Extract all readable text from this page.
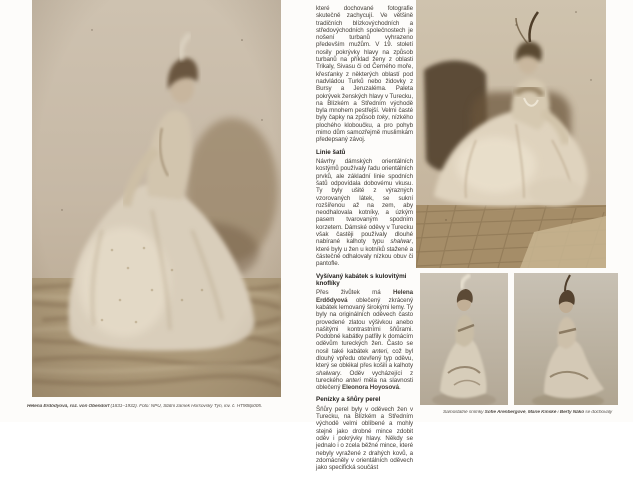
Helena Erdődyová, roz. von Obendorf (1831–1932). Foto: NPÚ, Státní zámek Horšovský Týn, inv. č. HT908p005.

které dochované fotografie skutečně zachycují. Ve většině tradičních blízkovýchodních a středovýchodních společnostech je nošení turbanů vyhrazeno především mužům. V 19. století nosily pokrývky hlavy na způsob turbanů na příklad ženy z oblasti Trikaly, Sivasu či od Černého moře, křesťanky z některých oblastí pod nadvládou Turků nebo židovky z Bursy a Jeruzaléma. Paleta pokrývek ženských hlavy v Turecku, na Blízkém a Středním východě byla mnohem pestřejší. Velmi časté byly čapky na způsob toky, nízkého plochého kloboučku, a pro pohyb mimo dům samozřejmě muslimkám předepsaný závoj.

Linie šatů

Návrhy dámských orientálních kostýmů používaly řadu orientálních prvků, ale základní linie spodních šatů odpovídala dobovému vkusu. Ty byly ušité z výrazných vzorovaných látek, se sukní rozšířenou až na zem, aby neodhalovala kotníky, a úzkým pasem tvarovaným spodním korzetem. Dámské oděvy v Turecku však častěji používaly dlouhé nabírané kalhoty typu shalwar, které byly u žen u kotníků stažené a částečně odhalovaly nízkou obuv či pantofle.

Vyšívaný kabátek s kulovitými knoflíky

Přes živůtek má Helena Erdődyová oblečený zkrácený kabátek lemovaný širokými lemy. Ty byly na originálních oděvech často provedené zlatou výšivkou anebo našitými kontrastními šňůrami. Podobné kabátky patřily k domácím oděvům tureckých žen. Často se nosil také kabátek anteri, což byl dlouhý vpředu otevřený typ oděvu, který se oblékal přes košili a kalhoty shalwary. Oděv vycházející z tureckého anteri měla na slavnosti oblečený Eleonora Hoyosová.

Penízky a šňůry perel

Šňůry perel byly v oděvech žen v Turecku, na Blízkém a Středním východě velmi oblíbené a mohly stejně jako drobné mince zdobit oděv i pokrývky hlavy. Někdy se jednalo i o zcela běžné mince, které nebyly vyražené z drahých kovů, a zdomácněly v orientálních oděvech jako specifická součást

Samostatné snímky Sofie Arenbergové, Marie Kinské i Berty Nákó se dochovaly
